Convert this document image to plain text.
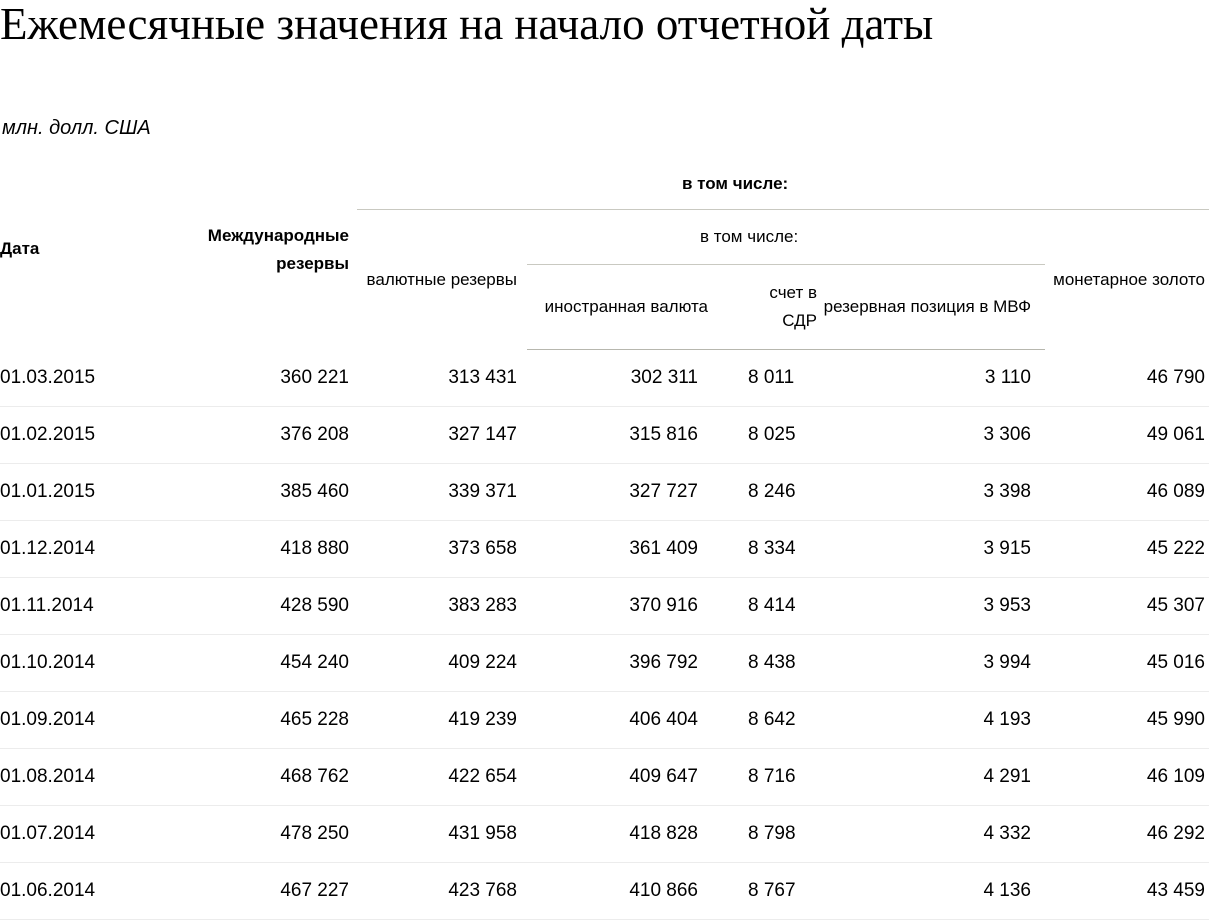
Ежемесячные значения на начало отчетной даты
млн. долл. США
Дата	Международные резервы		в том числе:			
		валютные резервы	в том числе:			монетарное золото
			иностранная валюта	счет в СДР	резервная позиция в МВФ	
01.03.2015	360 221	313 431	302 311	8 011	3 110	46 790
01.02.2015	376 208	327 147	315 816	8 025	3 306	49 061
01.01.2015	385 460	339 371	327 727	8 246	3 398	46 089
01.12.2014	418 880	373 658	361 409	8 334	3 915	45 222
01.11.2014	428 590	383 283	370 916	8 414	3 953	45 307
01.10.2014	454 240	409 224	396 792	8 438	3 994	45 016
01.09.2014	465 228	419 239	406 404	8 642	4 193	45 990
01.08.2014	468 762	422 654	409 647	8 716	4 291	46 109
01.07.2014	478 250	431 958	418 828	8 798	4 332	46 292
01.06.2014	467 227	423 768	410 866	8 767	4 136	43 459
